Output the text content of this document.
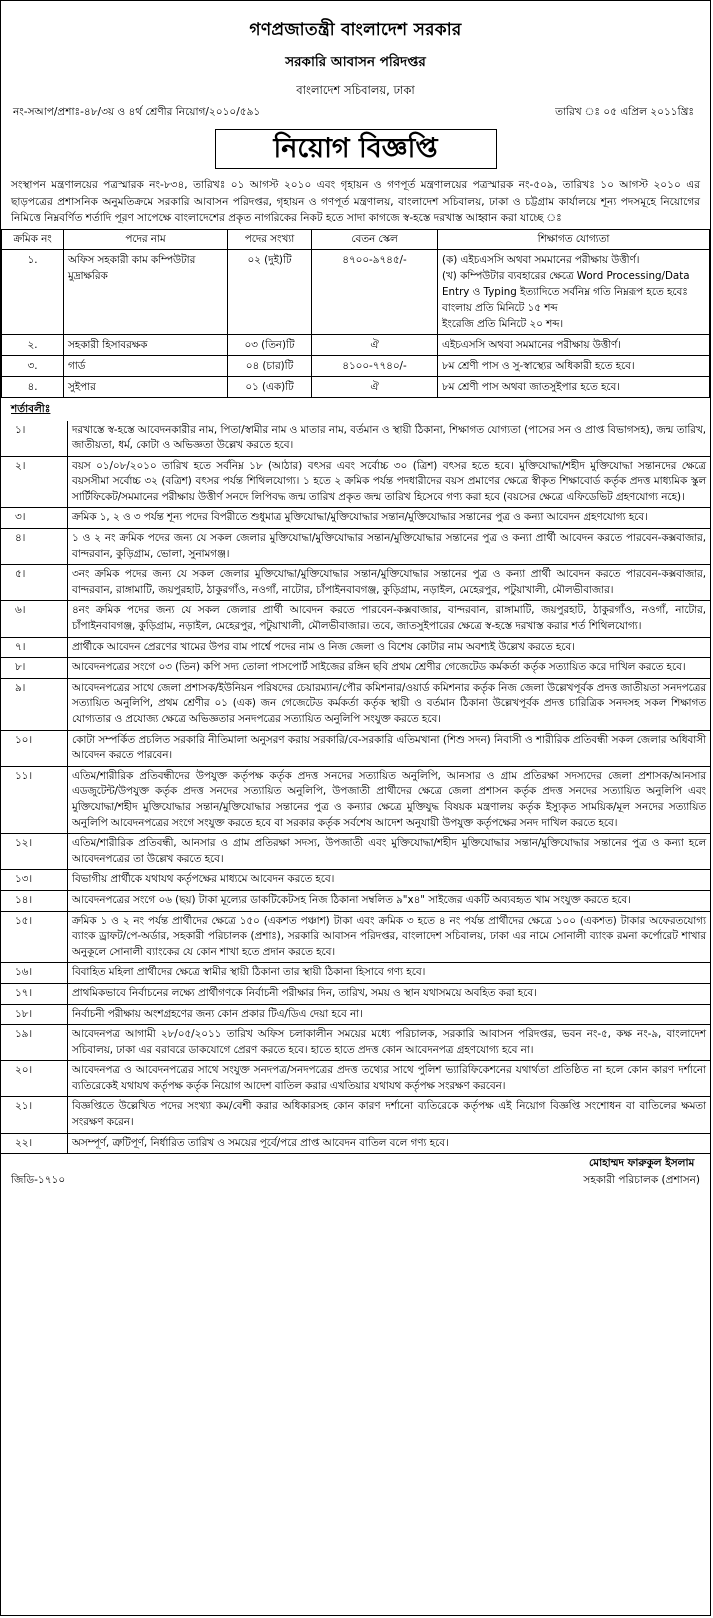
গণপ্রজাতন্ত্রী বাংলাদেশ সরকার
সরকারি আবাসন পরিদপ্তর
বাংলাদেশ সচিবালয়, ঢাকা
নং-সআপ/প্রশাঃ-৪৮/৩য় ও ৪র্থ শ্রেণীর নিয়োগ/২০১০/৫৯১	তারিখ ঃ ০৫ এপ্রিল ২০১১খ্রিঃ
নিয়োগ বিজ্ঞপ্তি
সংস্থাপন মন্ত্রণালয়ের পত্রস্মারক নং-৮৩৪, তারিখঃ ০১ আগস্ট ২০১০ এবং গৃহায়ন ও গণপূর্ত মন্ত্রণালয়ের পত্রস্মারক নং-৫০৯, তারিখঃ ১০ আগস্ট ২০১০ এর ছাড়পত্রের প্রশাসনিক অনুমতিক্রমে সরকারি আবাসন পরিদপ্তর, গৃহায়ন ও গণপূর্ত মন্ত্রণালয়, বাংলাদেশ সচিবালয়, ঢাকা ও চট্টগ্রাম কার্যালয়ে শূন্য পদসমূহে নিয়োগের নিমিত্তে নিম্নবর্ণিত শর্তাদি পূরণ সাপেক্ষে বাংলাদেশের প্রকৃত নাগরিকের নিকট হতে সাদা কাগজে স্ব-হস্তে দরখাস্ত আহ্বান করা যাচ্ছে ঃ
ক্রমিক নং	পদের নাম	পদের সংখ্যা	বেতন স্কেল	শিক্ষাগত যোগ্যতা
১.	অফিস সহকারী কাম কম্পিউটার মুদ্রাক্ষরিক	০২ (দুই)টি	৪৭০০-৯৭৪৫/-	(ক) এইচএসসি অথবা সমমানের পরীক্ষায় উত্তীর্ণ।
(খ) কম্পিউটার ব্যবহারের ক্ষেত্রে Word Processing/Data Entry ও Typing ইত্যাদিতে সর্বনিম্ন গতি নিম্নরূপ হতে হবেঃ
বাংলায় প্রতি মিনিটে ১৫ শব্দ
ইংরেজি প্রতি মিনিটে ২০ শব্দ।
২.	সহকারী হিসাবরক্ষক	০৩ (তিন)টি	ঐ	এইচএসসি অথবা সমমানের পরীক্ষায় উত্তীর্ণ।
৩.	গার্ড	০৪ (চার)টি	৪১০০-৭৭৪০/-	৮ম শ্রেণী পাস ও সু-স্বাস্থ্যের অধিকারী হতে হবে।
৪.	সুইপার	০১ (এক)টি	ঐ	৮ম শ্রেণী পাস অথবা জাতসুইপার হতে হবে।
শর্তাবলীঃ
১।	দরখাস্তে স্ব-হস্তে আবেদনকারীর নাম, পিতা/স্বামীর নাম ও মাতার নাম, বর্তমান ও স্থায়ী ঠিকানা, শিক্ষাগত যোগ্যতা (পাসের সন ও প্রাপ্ত বিভাগসহ), জন্ম তারিখ, জাতীয়তা, ধর্ম, কোটা ও অভিজ্ঞতা উল্লেখ করতে হবে।
২।	বয়স ০১/০৮/২০১০ তারিখ হতে সর্বনিম্ন ১৮ (আঠার) বৎসর এবং সর্বোচ্চ ৩০ (ত্রিশ) বৎসর হতে হবে। মুক্তিযোদ্ধা/শহীদ মুক্তিযোদ্ধা সন্তানদের ক্ষেত্রে বয়সসীমা সর্বোচ্চ ৩২ (বত্রিশ) বৎসর পর্যন্ত শিথিলযোগ্য। ১ হতে ২ ক্রমিক পর্যন্ত পদধারীদের বয়স প্রমাণের ক্ষেত্রে স্বীকৃত শিক্ষাবোর্ড কর্তৃক প্রদত্ত মাধ্যমিক স্কুল সার্টিফিকেট/সমমানের পরীক্ষায় উত্তীর্ণ সনদে লিপিবদ্ধ জন্ম তারিখ প্রকৃত জন্ম তারিখ হিসেবে গণ্য করা হবে (বয়সের ক্ষেত্রে এফিডেভিট গ্রহণযোগ্য নহে)।
৩।	ক্রমিক ১, ২ ও ৩ পর্যন্ত শূন্য পদের বিপরীতে শুধুমাত্র মুক্তিযোদ্ধা/মুক্তিযোদ্ধার সন্তান/মুক্তিযোদ্ধার সন্তানের পুত্র ও কন্যা আবেদন গ্রহণযোগ্য হবে।
৪।	১ ও ২ নং ক্রমিক পদের জন্য যে সকল জেলার মুক্তিযোদ্ধা/মুক্তিযোদ্ধার সন্তান/মুক্তিযোদ্ধার সন্তানের পুত্র ও কন্যা প্রার্থী আবেদন করতে পারবেন-কক্সবাজার, বান্দরবান, কুড়িগ্রাম, ভোলা, সুনামগঞ্জ।
৫।	৩নং ক্রমিক পদের জন্য যে সকল জেলার মুক্তিযোদ্ধা/মুক্তিযোদ্ধার সন্তান/মুক্তিযোদ্ধার সন্তানের পুত্র ও কন্যা প্রার্থী আবেদন করতে পারবেন-কক্সবাজার, বান্দরবান, রাঙ্গামাটি, জয়পুরহাট, ঠাকুরগাঁও, নওগাঁ, নাটোর, চাঁপাইনবাবগঞ্জ, কুড়িগ্রাম, নড়াইল, মেহেরপুর, পটুয়াখালী, মৌলভীবাজার।
৬।	৪নং ক্রমিক পদের জন্য যে সকল জেলার প্রার্থী আবেদন করতে পারবেন-কক্সবাজার, বান্দরবান, রাঙ্গামাটি, জয়পুরহাট, ঠাকুরগাঁও, নওগাঁ, নাটোর, চাঁপাইনবাবগঞ্জ, কুড়িগ্রাম, নড়াইল, মেহেরপুর, পটুয়াখালী, মৌলভীবাজার। তবে, জাতসুইপারের ক্ষেত্রে স্ব-হস্তে দরখাস্ত করার শর্ত শিথিলযোগ্য।
৭।	প্রার্থীকে আবেদন প্রেরণের খামের উপর বাম পার্শ্বে পদের নাম ও নিজ জেলা ও বিশেষ কোটার নাম অবশ্যই উল্লেখ করতে হবে।
৮।	আবেদনপত্রের সংগে ০৩ (তিন) কপি সদ্য তোলা পাসপোর্ট সাইজের রঙ্গিন ছবি প্রথম শ্রেণীর গেজেটেড কর্মকর্তা কর্তৃক সত্যায়িত করে দাখিল করতে হবে।
৯।	আবেদনপত্রের সাথে জেলা প্রশাসক/ইউনিয়ন পরিষদের চেয়ারম্যান/পৌর কমিশনার/ওয়ার্ড কমিশনার কর্তৃক নিজ জেলা উল্লেখপূর্বক প্রদত্ত জাতীয়তা সনদপত্রের সত্যায়িত অনুলিপি, প্রথম শ্রেণীর ০১ (এক) জন গেজেটেড কর্মকর্তা কর্তৃক স্থায়ী ও বর্তমান ঠিকানা উল্লেখপূর্বক প্রদত্ত চারিত্রিক সনদসহ সকল শিক্ষাগত যোগ্যতার ও প্রযোজ্য ক্ষেত্রে অভিজ্ঞতার সনদপত্রের সত্যায়িত অনুলিপি সংযুক্ত করতে হবে।
১০।	কোটা সম্পর্কিত প্রচলিত সরকারি নীতিমালা অনুসরণ করায় সরকারি/বে-সরকারি এতিমখানা (শিশু সদন) নিবাসী ও শারীরিক প্রতিবন্ধী সকল জেলার অধিবাসী আবেদন করতে পারবেন।
১১।	এতিম/শারীরিক প্রতিবন্ধীদের উপযুক্ত কর্তৃপক্ষ কর্তৃক প্রদত্ত সনদের সত্যায়িত অনুলিপি, আনসার ও গ্রাম প্রতিরক্ষা সদস্যদের জেলা প্রশাসক/আনসার এডজুটেন্ট/উপযুক্ত কর্তৃক প্রদত্ত সনদের সত্যায়িত অনুলিপি, উপজাতী প্রার্থীদের ক্ষেত্রে জেলা প্রশাসন কর্তৃক প্রদত্ত সনদের সত্যায়িত অনুলিপি এবং মুক্তিযোদ্ধা/শহীদ মুক্তিযোদ্ধার সন্তান/মুক্তিযোদ্ধার সন্তানের পুত্র ও কন্যার ক্ষেত্রে মুক্তিযুদ্ধ বিষয়ক মন্ত্রণালয় কর্তৃক ইস্যুকৃত সাময়িক/মূল সনদের সত্যায়িত অনুলিপি আবেদনপত্রের সংগে সংযুক্ত করতে হবে বা সরকার কর্তৃক সর্বশেষ আদেশ অনুযায়ী উপযুক্ত কর্তৃপক্ষের সনদ দাখিল করতে হবে।
১২।	এতিম/শারীরিক প্রতিবন্ধী, আনসার ও গ্রাম প্রতিরক্ষা সদস্য, উপজাতী এবং মুক্তিযোদ্ধা/শহীদ মুক্তিযোদ্ধার সন্তান/মুক্তিযোদ্ধার সন্তানের পুত্র ও কন্যা হলে আবেদনপত্রের তা উল্লেখ করতে হবে।
১৩।	বিভাগীয় প্রার্থীকে যথাযথ কর্তৃপক্ষের মাধ্যমে আবেদন করতে হবে।
১৪।	আবেদনপত্রের সংগে ০৬ (ছয়) টাকা মূল্যের ডাকটিকেটসহ নিজ ঠিকানা সম্বলিত ৯"x৪" সাইজের একটি অব্যবহৃত খাম সংযুক্ত করতে হবে।
১৫।	ক্রমিক ১ ও ২ নং পর্যন্ত প্রার্থীদের ক্ষেত্রে ১৫০ (একশত পঞ্চাশ) টাকা এবং ক্রমিক ৩ হতে ৪ নং পর্যন্ত প্রার্থীদের ক্ষেত্রে ১০০ (একশত) টাকার অফেরতযোগ্য ব্যাংক ড্রাফট/পে-অর্ডার, সহকারী পরিচালক (প্রশাঃ), সরকারি আবাসন পরিদপ্তর, বাংলাদেশ সচিবালয়, ঢাকা এর নামে সোনালী ব্যাংক রমনা কর্পোরেট শাখার অনুকূলে সোনালী ব্যাংকের যে কোন শাখা হতে প্রদান করতে হবে।
১৬।	বিবাহিত মহিলা প্রার্থীদের ক্ষেত্রে স্বামীর স্থায়ী ঠিকানা তার স্থায়ী ঠিকানা হিসাবে গণ্য হবে।
১৭।	প্রাথমিকভাবে নির্বাচনের লক্ষ্যে প্রার্থীগণকে নির্বাচনী পরীক্ষার দিন, তারিখ, সময় ও স্থান যথাসময়ে অবহিত করা হবে।
১৮।	নির্বাচনী পরীক্ষায় অংশগ্রহণের জন্য কোন প্রকার টিএ/ডিএ দেয়া হবে না।
১৯।	আবেদনপত্র আগামী ২৮/০৫/২০১১ তারিখ অফিস চলাকালীন সময়ের মধ্যে পরিচালক, সরকারি আবাসন পরিদপ্তর, ভবন নং-৫, কক্ষ নং-৯, বাংলাদেশ সচিবালয়, ঢাকা এর বরাবরে ডাকযোগে প্রেরণ করতে হবে। হাতে হাতে প্রদত্ত কোন আবেদনপত্র গ্রহণযোগ্য হবে না।
২০।	আবেদনপত্র ও আবেদনপত্রের সাথে সংযুক্ত সনদপত্র/সনদপত্রের প্রদত্ত তথ্যের সাথে পুলিশ ভ্যারিফিকেশনের যথার্থতা প্রতিষ্ঠিত না হলে কোন কারণ দর্শানো ব্যতিরেকেই যথাযথ কর্তৃপক্ষ কর্তৃক নিয়োগ আদেশ বাতিল করার এখতিয়ার যথাযথ কর্তৃপক্ষ সংরক্ষণ করবেন।
২১।	বিজ্ঞপ্তিতে উল্লেখিত পদের সংখ্যা কম/বেশী করার অধিকারসহ কোন কারণ দর্শানো ব্যতিরেকে কর্তৃপক্ষ এই নিয়োগ বিজ্ঞপ্তি সংশোধন বা বাতিলের ক্ষমতা সংরক্ষণ করেন।
২২।	অসম্পূর্ণ, ত্রুটিপূর্ণ, নির্ধারিত তারিখ ও সময়ের পূর্বে/পরে প্রাপ্ত আবেদন বাতিল বলে গণ্য হবে।
জিডি-১৭১০
মোহাম্মদ ফারুকুল ইসলাম
সহকারী পরিচালক (প্রশাসন)
